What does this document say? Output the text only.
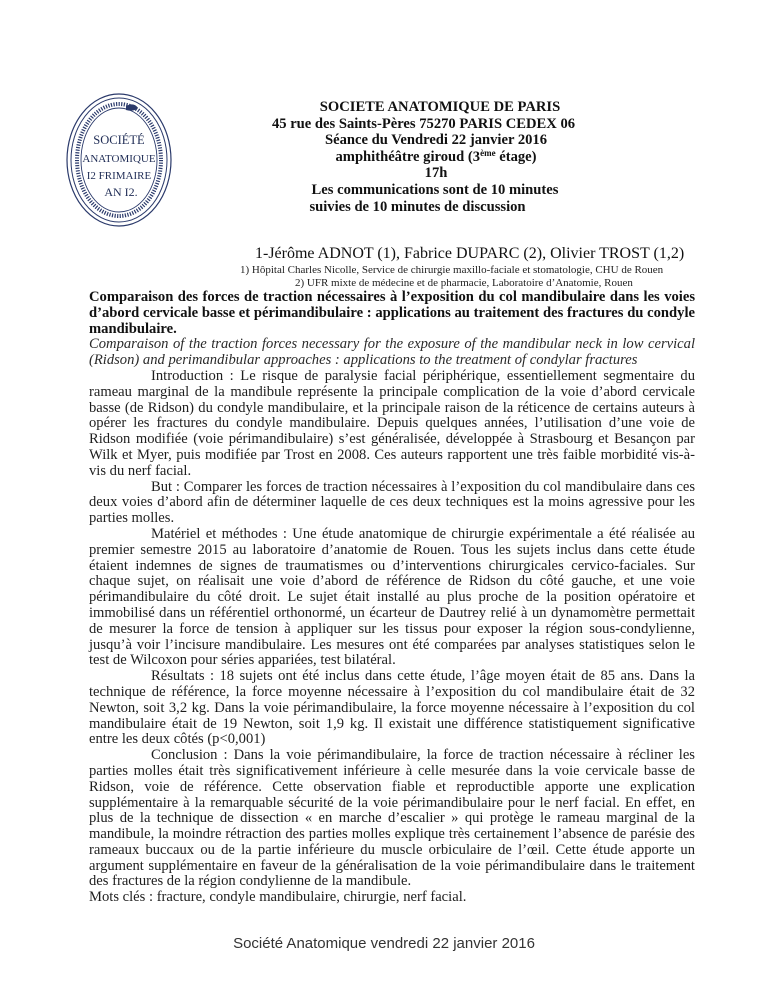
SOCIÉTÉ
ANATOMIQUE
I2 FRIMAIRE
AN I2.
SOCIETE ANATOMIQUE DE PARIS
45 rue des Saints-Pères 75270 PARIS CEDEX 06
Séance du Vendredi 22 janvier 2016
amphithéâtre giroud (3ème étage)
17h
Les communications sont de 10 minutes
suivies de 10 minutes de discussion
1-Jérôme ADNOT (1), Fabrice DUPARC (2), Olivier TROST (1,2)
1) Hôpital Charles Nicolle, Service de chirurgie maxillo-faciale et stomatologie, CHU de Rouen
2) UFR mixte de médecine et de pharmacie, Laboratoire d’Anatomie, Rouen

Comparaison des forces de traction nécessaires à l’exposition du col mandibulaire dans les voies d’abord cervicale basse et périmandibulaire : applications au traitement des fractures du condyle mandibulaire.

Comparaison of the traction forces necessary for the exposure of the mandibular neck in low cervical (Ridson) and perimandibular approaches : applications to the treatment of condylar fractures

Introduction : Le risque de paralysie facial périphérique, essentiellement segmentaire du rameau marginal de la mandibule représente la principale complication de la voie d’abord cervicale basse (de Ridson) du condyle mandibulaire, et la principale raison de la réticence de certains auteurs à opérer les fractures du condyle mandibulaire. Depuis quelques années, l’utilisation d’une voie de Ridson modifiée (voie périmandibulaire) s’est généralisée, développée à Strasbourg et Besançon par Wilk et Myer, puis modifiée par Trost en 2008. Ces auteurs rapportent une très faible morbidité vis-à-vis du nerf facial.

But : Comparer les forces de traction nécessaires à l’exposition du col mandibulaire dans ces deux voies d’abord afin de déterminer laquelle de ces deux techniques est la moins agressive pour les parties molles.

Matériel et méthodes : Une étude anatomique de chirurgie expérimentale a été réalisée au premier semestre 2015 au laboratoire d’anatomie de Rouen. Tous les sujets inclus dans cette étude étaient indemnes de signes de traumatismes ou d’interventions chirurgicales cervico-faciales. Sur chaque sujet, on réalisait une voie d’abord de référence de Ridson du côté gauche, et une voie périmandibulaire du côté droit. Le sujet était installé au plus proche de la position opératoire et immobilisé dans un référentiel orthonormé, un écarteur de Dautrey relié à un dynamomètre permettait de mesurer la force de tension à appliquer sur les tissus pour exposer la région sous-condylienne, jusqu’à voir l’incisure mandibulaire. Les mesures ont été comparées par analyses statistiques selon le test de Wilcoxon pour séries appariées, test bilatéral.

Résultats : 18 sujets ont été inclus dans cette étude, l’âge moyen était de 85 ans. Dans la technique de référence, la force moyenne nécessaire à l’exposition du col mandibulaire était de 32 Newton, soit 3,2 kg. Dans la voie périmandibulaire, la force moyenne nécessaire à l’exposition du col mandibulaire était de 19 Newton, soit 1,9 kg. Il existait une différence statistiquement significative entre les deux côtés (p<0,001)

Conclusion : Dans la voie périmandibulaire, la force de traction nécessaire à récliner les parties molles était très significativement inférieure à celle mesurée dans la voie cervicale basse de Ridson, voie de référence. Cette observation fiable et reproductible apporte une explication supplémentaire à la remarquable sécurité de la voie périmandibulaire pour le nerf facial. En effet, en plus de la technique de dissection « en marche d’escalier » qui protège le rameau marginal de la mandibule, la moindre rétraction des parties molles explique très certainement l’absence de parésie des rameaux buccaux ou de la partie inférieure du muscle orbiculaire de l’œil. Cette étude apporte un argument supplémentaire en faveur de la généralisation de la voie périmandibulaire dans le traitement des fractures de la région condylienne de la mandibule.

Mots clés : fracture, condyle mandibulaire, chirurgie, nerf facial.

Société Anatomique vendredi 22 janvier 2016
